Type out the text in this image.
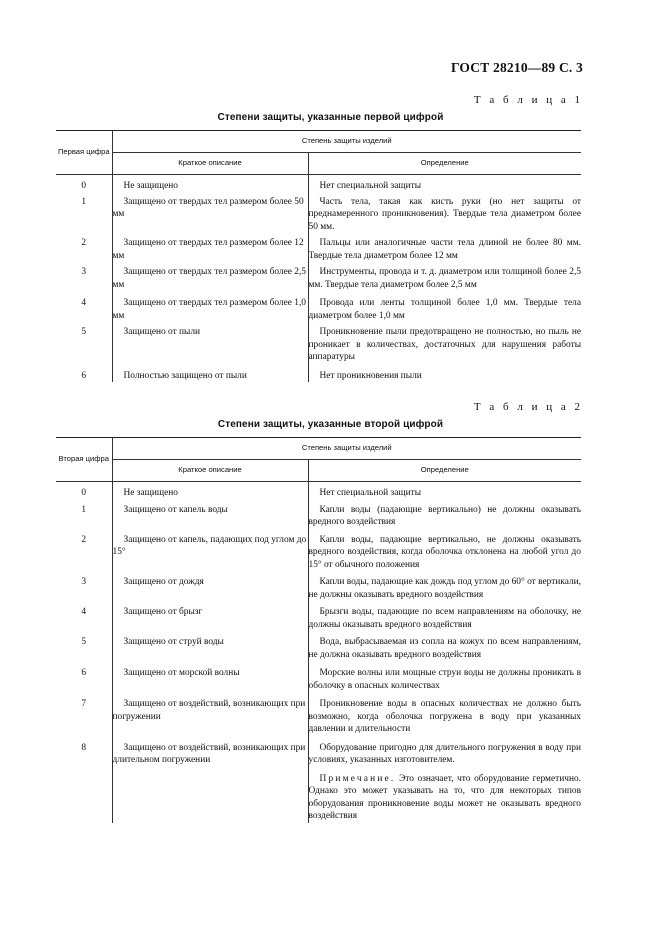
ГОСТ 28210—89 С. 3
Т а б л и ц а 1
Степени защиты, указанные первой цифрой
Первая цифра	Степень защиты изделий	
	Краткое описание	Определение
0	Не защищено	Нет специальной защиты
1	Защищено от твердых тел размером более 50 мм	Часть тела, такая как кисть руки (но нет защиты от преднамеренного проникновения). Твердые тела диаметром более 50 мм.
2	Защищено от твердых тел размером более 12 мм	Пальцы или аналогичные части тела длиной не более 80 мм. Твердые тела диаметром более 12 мм
3	Защищено от твердых тел размером более 2,5 мм	Инструменты, провода и т. д. диаметром или толщиной более 2,5 мм. Твердые тела диаметром более 2,5 мм
4	Защищено от твердых тел размером более 1,0 мм	Провода или ленты толщиной более 1,0 мм. Твердые тела диаметром более 1,0 мм
5	Защищено от пыли	Проникновение пыли предотвращено не полностью, но пыль не проникает в количествах, достаточных для нарушения работы аппаратуры
6	Полностью защищено от пыли	Нет проникновения пыли
Т а б л и ц а 2
Степени защиты, указанные второй цифрой
Вторая цифра	Степень защиты изделий	
	Краткое описание	Определение
0	Не защищено	Нет специальной защиты
1	Защищено от капель воды	Капли воды (падающие вертикально) не должны оказывать вредного воздействия
2	Защищено от капель, падающих под углом до 15°	Капли воды, падающие вертикально, не должны оказывать вредного воздействия, когда оболочка отклонена на любой угол до 15° от обычного положения
3	Защищено от дождя	Капли воды, падающие как дождь под углом до 60° от вертикали, не должны оказывать вредного воздействия
4	Защищено от брызг	Брызги воды, падающие по всем направлениям на оболочку, не должны оказывать вредного воздействия
5	Защищено от струй воды	Вода, выбрасываемая из сопла на кожух по всем направлениям, не должна оказывать вредного воздействия
6	Защищено от морской волны	Морские волны или мощные струи воды не должны проникать в оболочку в опасных количествах
7	Защищено от воздействий, возникающих при погружении	Проникновение воды в опасных количествах не должно быть возможно, когда оболочка погружена в воду при указанных давлении и длительности
8	Защищено от воздействий, возникающих при длительном погружении	Оборудование пригодно для длительного погружения в воду при условиях, указанных изготовителем.
Примечание. Это означает, что оборудование герметично. Однако это может указывать на то, что для некоторых типов оборудования проникновение воды может не оказывать вредного воздействия
